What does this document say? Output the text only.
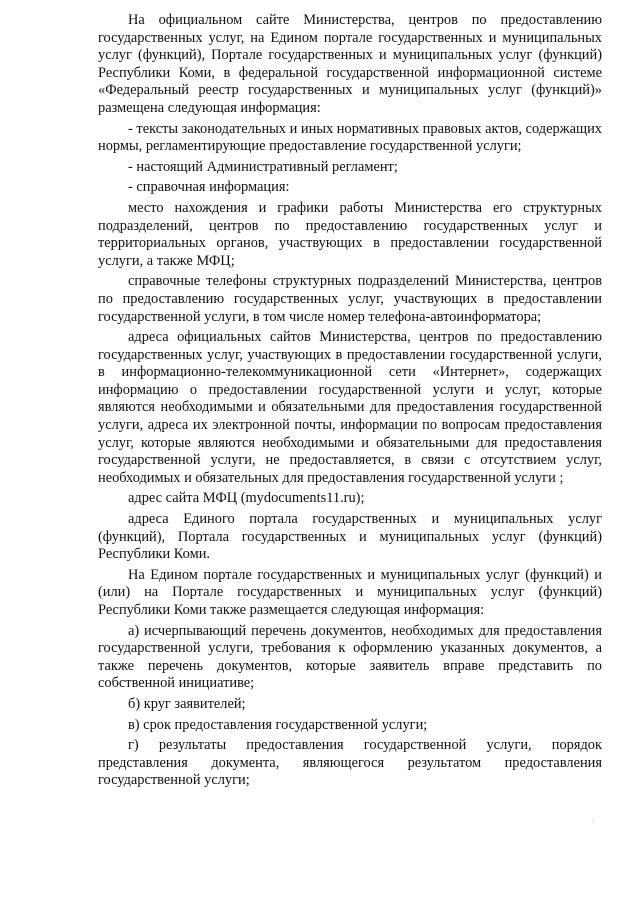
На официальном сайте Министерства, центров по предоставлению государственных услуг, на Едином портале государственных и муниципальных услуг (функций), Портале государственных и муниципальных услуг (функций) Республики Коми, в федеральной государственной информационной системе «Федеральный реестр государственных и муниципальных услуг (функций)» размещена следующая информация:

- тексты законодательных и иных нормативных правовых актов, содержащих нормы, регламентирующие предоставление государственной услуги;

- настоящий Административный регламент;

- справочная информация:

место нахождения и графики работы Министерства его структурных подразделений, центров по предоставлению государственных услуг и территориальных органов, участвующих в предоставлении государственной услуги, а также МФЦ;

справочные телефоны структурных подразделений Министерства, центров по предоставлению государственных услуг, участвующих в предоставлении государственной услуги, в том числе номер телефона-автоинформатора;

адреса официальных сайтов Министерства, центров по предоставлению государственных услуг, участвующих в предоставлении государственной услуги, в информационно-телекоммуникационной сети «Интернет», содержащих информацию о предоставлении государственной услуги и услуг, которые являются необходимыми и обязательными для предоставления государственной услуги, адреса их электронной почты, информации по вопросам предоставления услуг, которые являются необходимыми и обязательными для предоставления государственной услуги, не предоставляется, в связи с отсутствием услуг, необходимых и обязательных для предоставления государственной услуги ;

адрес сайта МФЦ (mydocuments11.ru);

адреса Единого портала государственных и муниципальных услуг (функций), Портала государственных и муниципальных услуг (функций) Республики Коми.

На Едином портале государственных и муниципальных услуг (функций) и (или) на Портале государственных и муниципальных услуг (функций) Республики Коми также размещается следующая информация:

а) исчерпывающий перечень документов, необходимых для предоставления государственной услуги, требования к оформлению указанных документов, а также перечень документов, которые заявитель вправе представить по собственной инициативе;

б) круг заявителей;

в) срок предоставления государственной услуги;

г) результаты предоставления государственной услуги, порядок представления документа, являющегося результатом предоставления государственной услуги;
